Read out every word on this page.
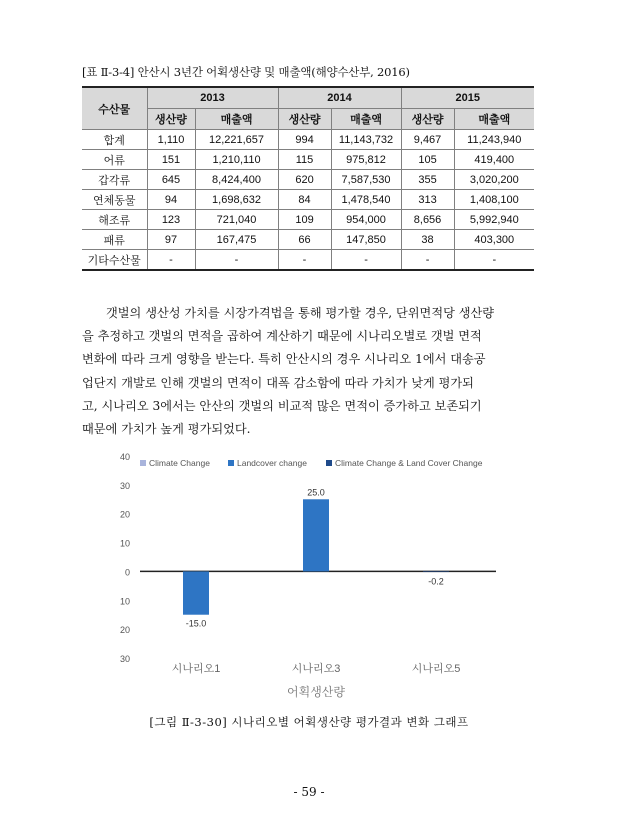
[표 Ⅱ-3-4] 안산시 3년간 어획생산량 및 매출액(해양수산부, 2016)
수산물	2013		2014		2015	
	생산량	매출액	생산량	매출액	생산량	매출액
합계	1,110	12,221,657	994	11,143,732	9,467	11,243,940
어류	151	1,210,110	115	975,812	105	419,400
갑각류	645	8,424,400	620	7,587,530	355	3,020,200
연체동물	94	1,698,632	84	1,478,540	313	1,408,100
해조류	123	721,040	109	954,000	8,656	5,992,940
패류	97	167,475	66	147,850	38	403,300
기타수산물	-	-	-	-	-	-
갯벌의 생산성 가치를 시장가격법을 통해 평가할 경우, 단위면적당 생산량
을 추정하고 갯벌의 면적을 곱하여 계산하기 때문에 시나리오별로 갯벌 면적
변화에 따라 크게 영향을 받는다. 특히 안산시의 경우 시나리오 1에서 대송공
업단지 개발로 인해 갯벌의 면적이 대폭 감소함에 따라 가치가 낮게 평가되
고, 시나리오 3에서는 안산의 갯벌의 비교적 많은 면적이 증가하고 보존되기
때문에 가치가 높게 평가되었다.
40
30
20
10
0
10
20
30
Climate Change	Landcover change	Climate Change & Land Cover Change
-15.0
시나리오1
25.0
시나리오3
-0.2
시나리오5
어획생산량
[그림 Ⅱ-3-30] 시나리오별 어획생산량 평가결과 변화 그래프
- 59 -
